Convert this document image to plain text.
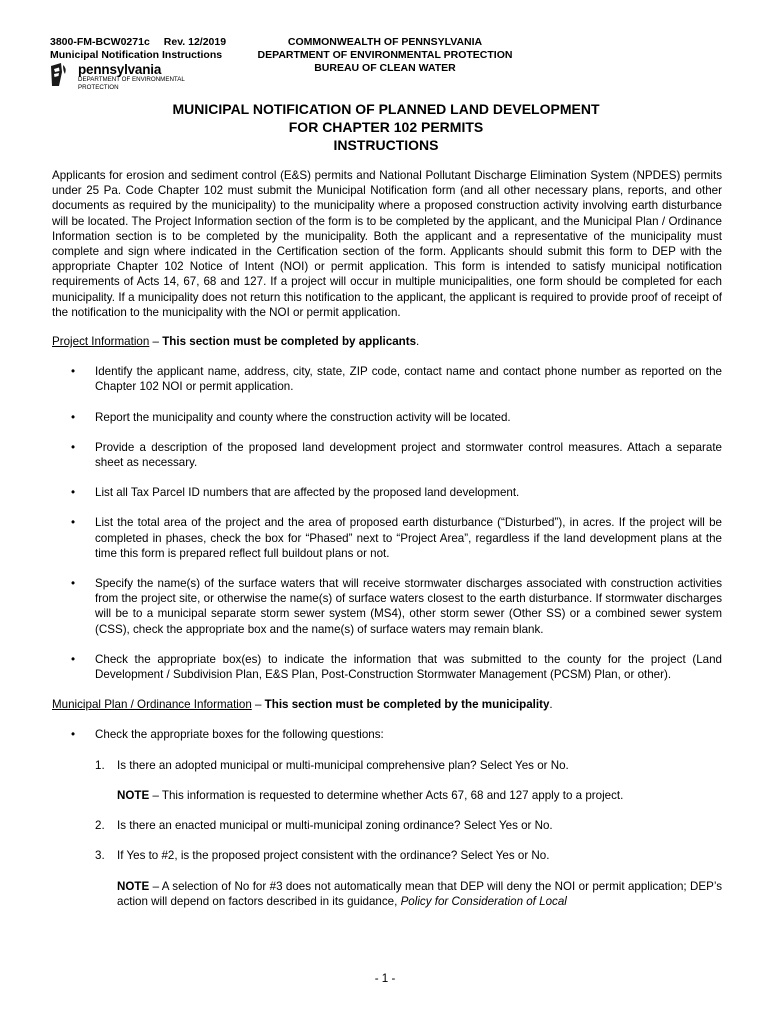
3800-FM-BCW0271c Rev. 12/2019
Municipal Notification Instructions
pennsylvania
DEPARTMENT OF ENVIRONMENTAL
PROTECTION
COMMONWEALTH OF PENNSYLVANIA
DEPARTMENT OF ENVIRONMENTAL PROTECTION
BUREAU OF CLEAN WATER
MUNICIPAL NOTIFICATION OF PLANNED LAND DEVELOPMENT
FOR CHAPTER 102 PERMITS
INSTRUCTIONS

Applicants for erosion and sediment control (E&S) permits and National Pollutant Discharge Elimination System (NPDES) permits under 25 Pa. Code Chapter 102 must submit the Municipal Notification form (and all other necessary plans, reports, and other documents as required by the municipality) to the municipality where a proposed construction activity involving earth disturbance will be located. The Project Information section of the form is to be completed by the applicant, and the Municipal Plan / Ordinance Information section is to be completed by the municipality. Both the applicant and a representative of the municipality must complete and sign where indicated in the Certification section of the form. Applicants should submit this form to DEP with the appropriate Chapter 102 Notice of Intent (NOI) or permit application. This form is intended to satisfy municipal notification requirements of Acts 14, 67, 68 and 127. If a project will occur in multiple municipalities, one form should be completed for each municipality. If a municipality does not return this notification to the applicant, the applicant is required to provide proof of receipt of the notification to the municipality with the NOI or permit application.

Project Information – This section must be completed by applicants.

• Identify the applicant name, address, city, state, ZIP code, contact name and contact phone number as reported on the Chapter 102 NOI or permit application.
• Report the municipality and county where the construction activity will be located.
• Provide a description of the proposed land development project and stormwater control measures. Attach a separate sheet as necessary.
• List all Tax Parcel ID numbers that are affected by the proposed land development.
• List the total area of the project and the area of proposed earth disturbance (“Disturbed”), in acres. If the project will be completed in phases, check the box for “Phased” next to “Project Area”, regardless if the land development plans at the time this form is prepared reflect full buildout plans or not.
• Specify the name(s) of the surface waters that will receive stormwater discharges associated with construction activities from the project site, or otherwise the name(s) of surface waters closest to the earth disturbance. If stormwater discharges will be to a municipal separate storm sewer system (MS4), other storm sewer (Other SS) or a combined sewer system (CSS), check the appropriate box and the name(s) of surface waters may remain blank.
• Check the appropriate box(es) to indicate the information that was submitted to the county for the project (Land Development / Subdivision Plan, E&S Plan, Post-Construction Stormwater Management (PCSM) Plan, or other).

Municipal Plan / Ordinance Information – This section must be completed by the municipality.

• Check the appropriate boxes for the following questions:
1. Is there an adopted municipal or multi-municipal comprehensive plan? Select Yes or No.

NOTE – This information is requested to determine whether Acts 67, 68 and 127 apply to a project.

2. Is there an enacted municipal or multi-municipal zoning ordinance? Select Yes or No.
3. If Yes to #2, is the proposed project consistent with the ordinance? Select Yes or No.

NOTE – A selection of No for #3 does not automatically mean that DEP will deny the NOI or permit application; DEP’s action will depend on factors described in its guidance, Policy for Consideration of Local

- 1 -
